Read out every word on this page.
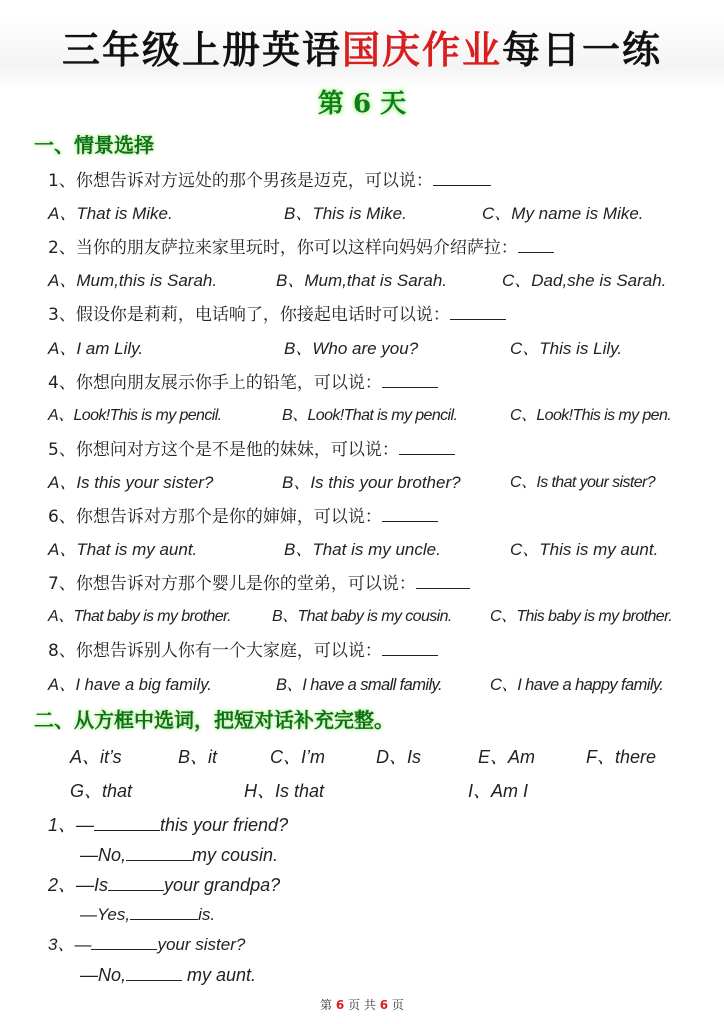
三年级上册英语国庆作业每日一练
第 6 天
一、情景选择
1、你想告诉对方远处的那个男孩是迈克，可以说：
A、That is Mike.	B、This is Mike.	C、My name is Mike.
2、当你的朋友萨拉来家里玩时，你可以这样向妈妈介绍萨拉：
A、Mum,this is Sarah.	B、Mum,that is Sarah.	C、Dad,she is Sarah.
3、假设你是莉莉，电话响了，你接起电话时可以说：
A、I am Lily.	B、Who are you?	C、This is Lily.
4、你想向朋友展示你手上的铅笔，可以说：
A、Look!This is my pencil.	B、Look!That is my pencil.	C、Look!This is my pen.
5、你想问对方这个是不是他的妹妹，可以说：
A、Is this your sister?	B、Is this your brother?	C、Is that your sister?
6、你想告诉对方那个是你的婶婶，可以说：
A、That is my aunt.	B、That is my uncle.	C、This is my aunt.
7、你想告诉对方那个婴儿是你的堂弟，可以说：
A、That baby is my brother.	B、That baby is my cousin. C、This baby is my brother.
8、你想告诉别人你有一个大家庭，可以说：
A、I have a big family.	B、I have a small family.	C、I have a happy family.
二、从方框中选词，把短对话补充完整。
A、it’s	B、it	C、I’m	D、Is	E、Am	F、there
G、that	H、Is that	I、Am I
1、—	this your friend?
—No,	my cousin.
2、—Is	your grandpa?
—Yes,	is.
3、—	your sister?
—No,	my aunt.
第 6 页 共 6 页
